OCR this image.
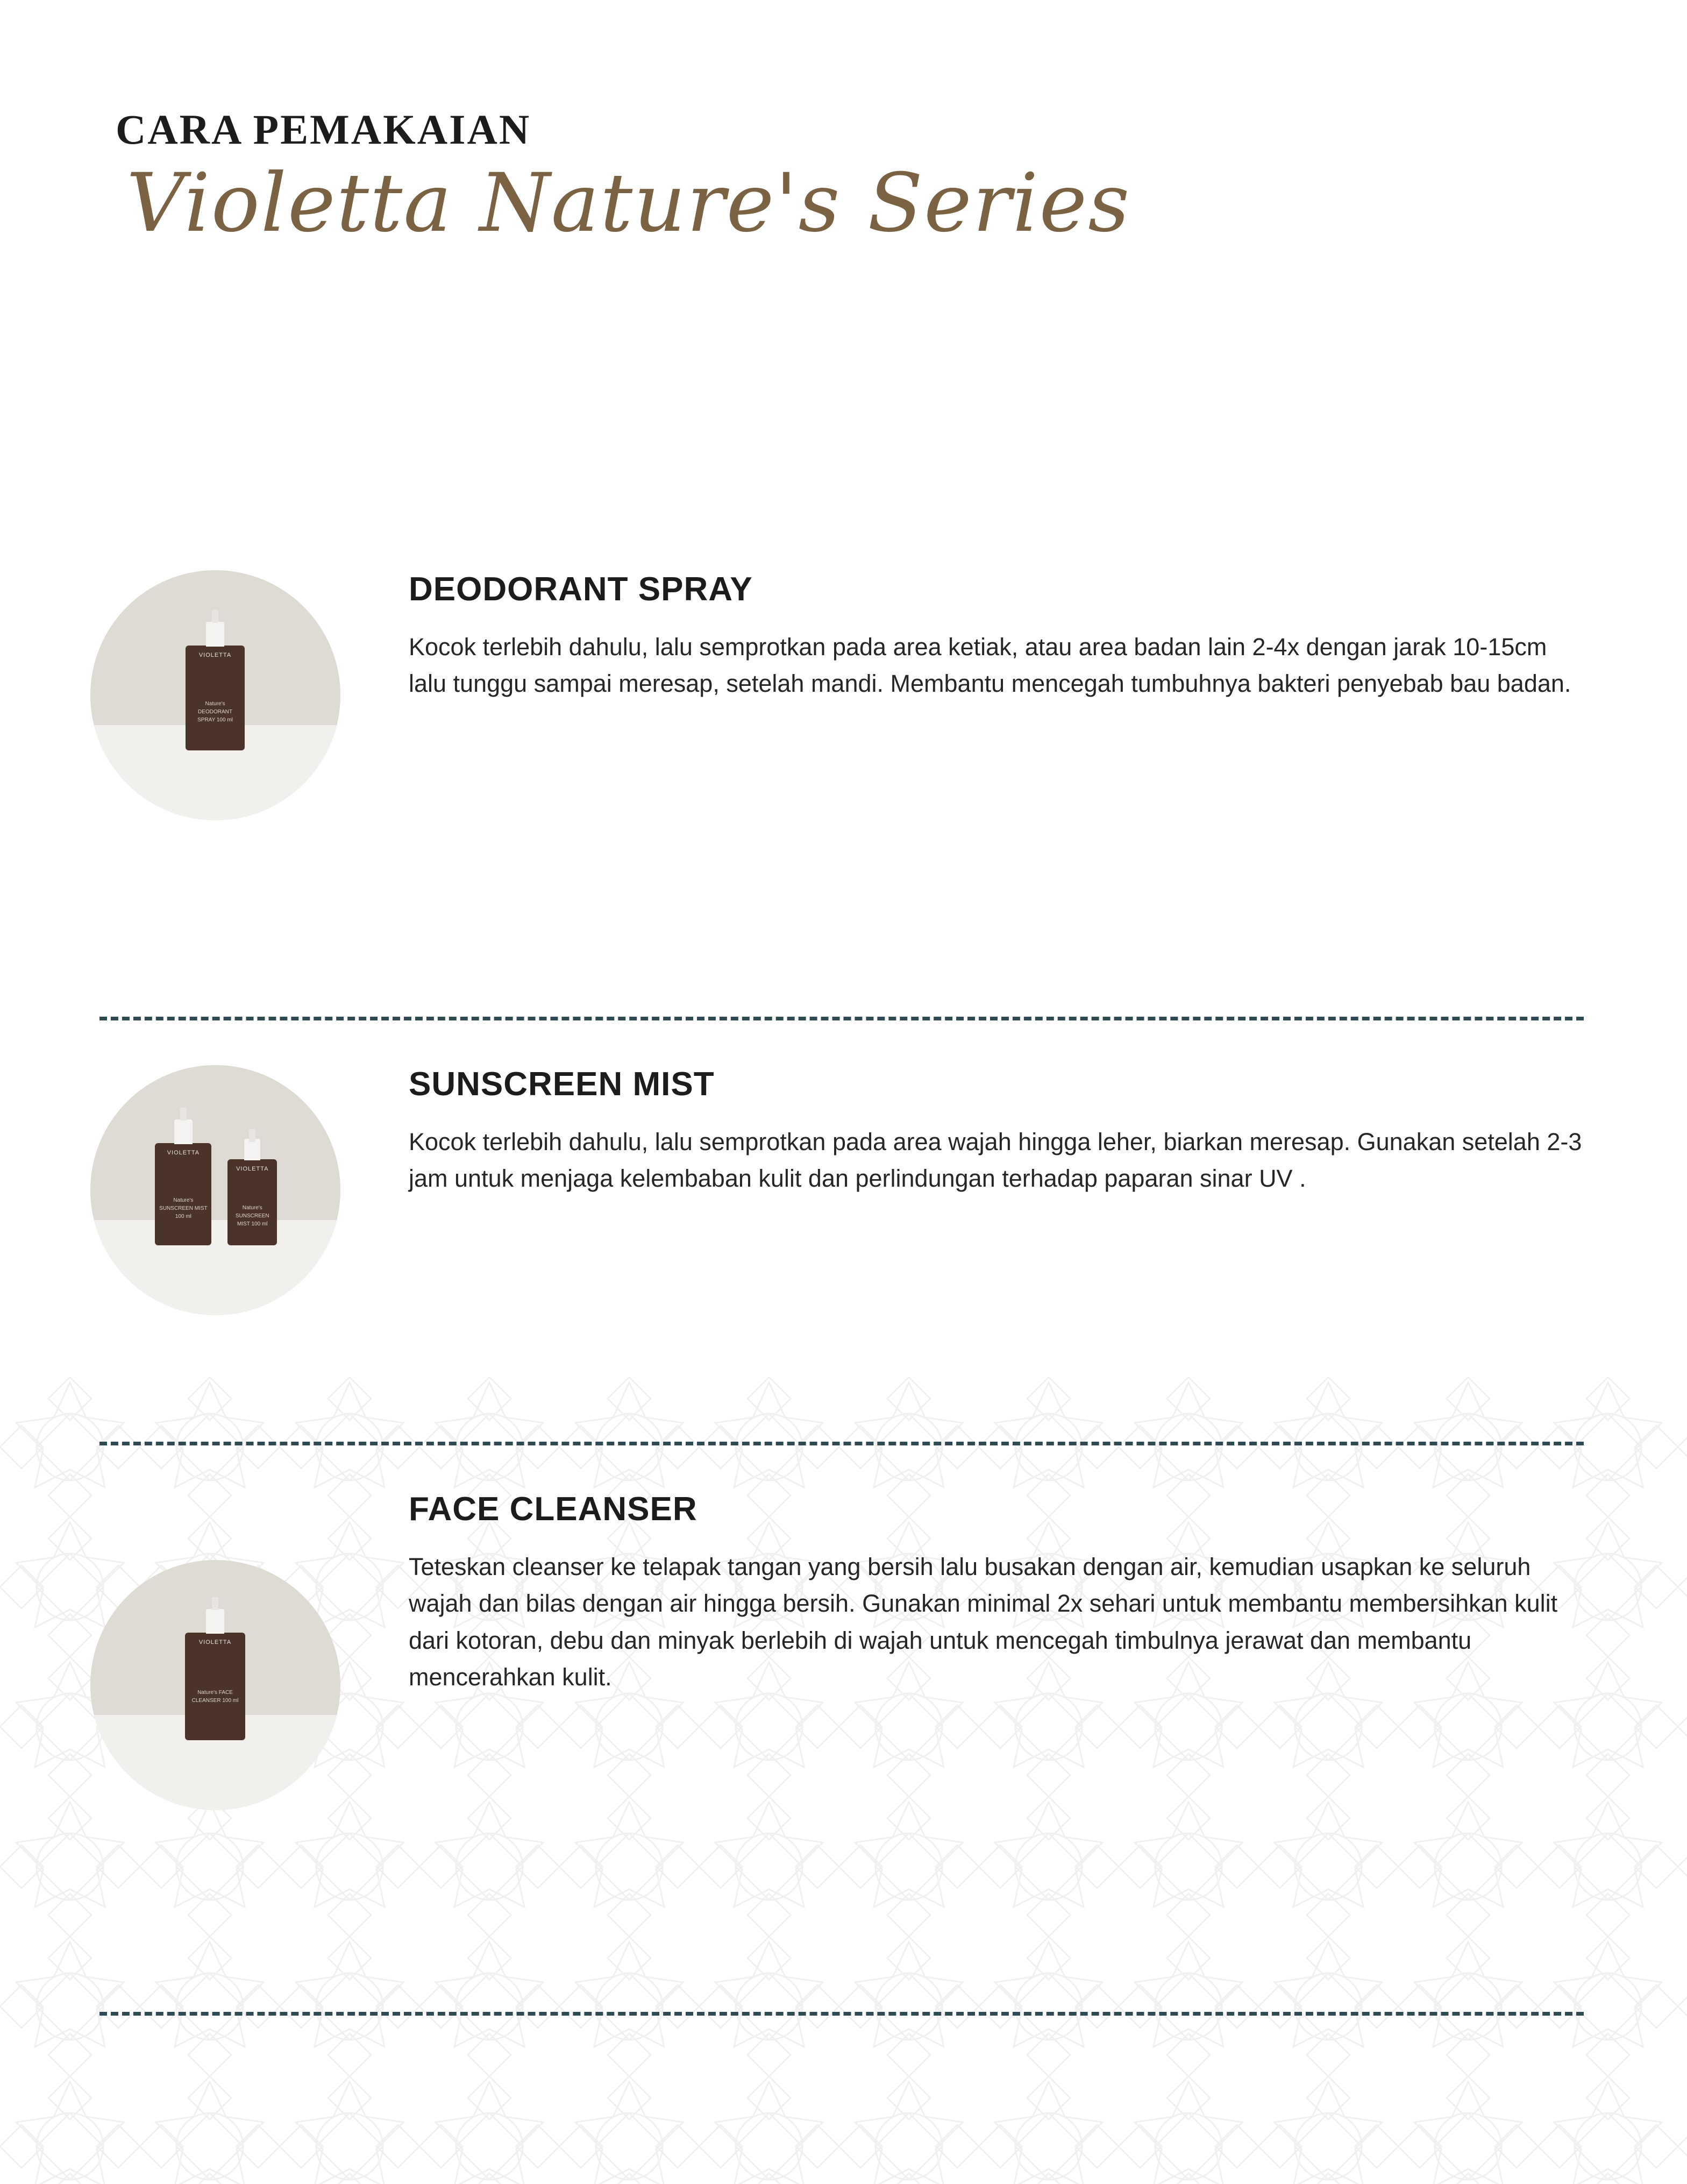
CARA PEMAKAIAN
Violetta Nature's Series
VIOLETTA
Nature's DEODORANT SPRAY 100 ml
DEODORANT SPRAY

Kocok terlebih dahulu, lalu semprotkan pada area ketiak, atau area badan lain 2-4x dengan jarak 10-15cm lalu tunggu sampai meresap, setelah mandi. Membantu mencegah tumbuhnya bakteri penyebab bau badan.

VIOLETTA
Nature's SUNSCREEN MIST 100 ml
VIOLETTA
Nature's SUNSCREEN MIST 100 ml
SUNSCREEN MIST

Kocok terlebih dahulu, lalu semprotkan pada area wajah hingga leher, biarkan meresap. Gunakan setelah 2-3 jam untuk menjaga kelembaban kulit dan perlindungan terhadap paparan sinar UV .

VIOLETTA
Nature's FACE CLEANSER 100 ml
FACE CLEANSER

Teteskan cleanser ke telapak tangan yang bersih lalu busakan dengan air, kemudian usapkan ke seluruh wajah dan bilas dengan air hingga bersih. Gunakan minimal 2x sehari untuk membantu membersihkan kulit dari kotoran, debu dan minyak berlebih di wajah untuk mencegah timbulnya jerawat dan membantu mencerahkan kulit.
